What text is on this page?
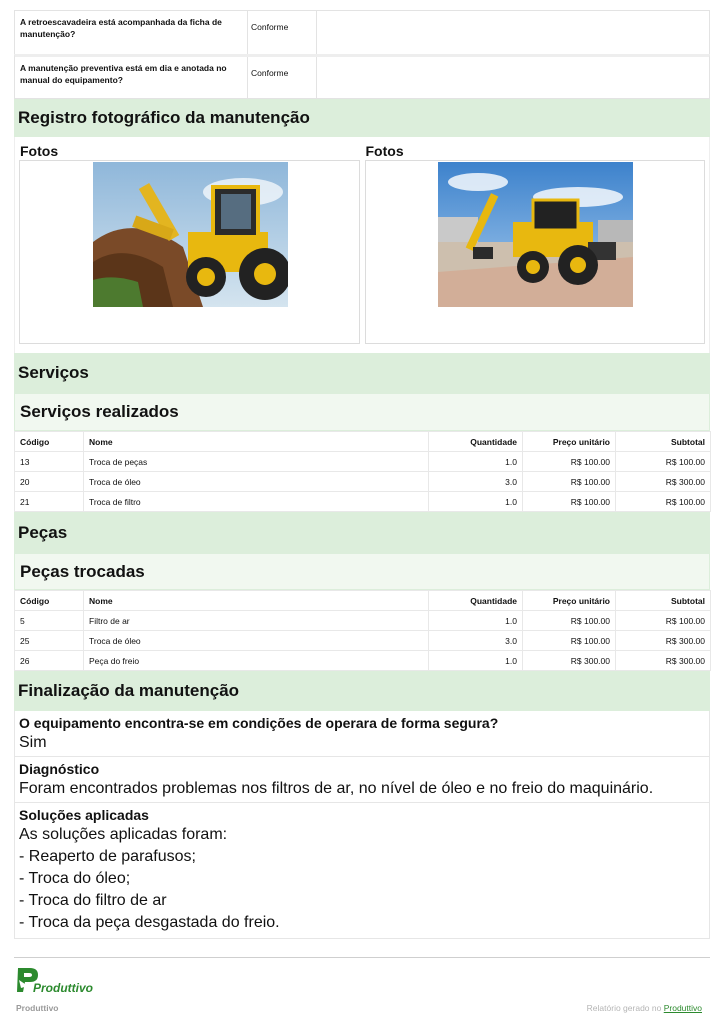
A retroescavadeira está acompanhada da ficha de manutenção?
Conforme
A manutenção preventiva está em dia e anotada no manual do equipamento?
Conforme
Registro fotográfico da manutenção
Fotos	Fotos
Serviços
Serviços realizados
Código	Nome	Quantidade	Preço unitário	Subtotal
13	Troca de peças	1.0	R$ 100.00	R$ 100.00
20	Troca de óleo	3.0	R$ 100.00	R$ 300.00
21	Troca de filtro	1.0	R$ 100.00	R$ 100.00
Peças
Peças trocadas
Código	Nome	Quantidade	Preço unitário	Subtotal
5	Filtro de ar	1.0	R$ 100.00	R$ 100.00
25	Troca de óleo	3.0	R$ 100.00	R$ 300.00
26	Peça do freio	1.0	R$ 300.00	R$ 300.00
Finalização da manutenção
O equipamento encontra-se em condições de operara de forma segura?
Sim
Diagnóstico
Foram encontrados problemas nos filtros de ar, no nível de óleo e no freio do maquinário.
Soluções aplicadas
As soluções aplicadas foram:
- Reaperto de parafusos;
- Troca do óleo;
- Troca do filtro de ar
- Troca da peça desgastada do freio.
Produttivo
Produttivo	Relatório gerado no Produttivo
